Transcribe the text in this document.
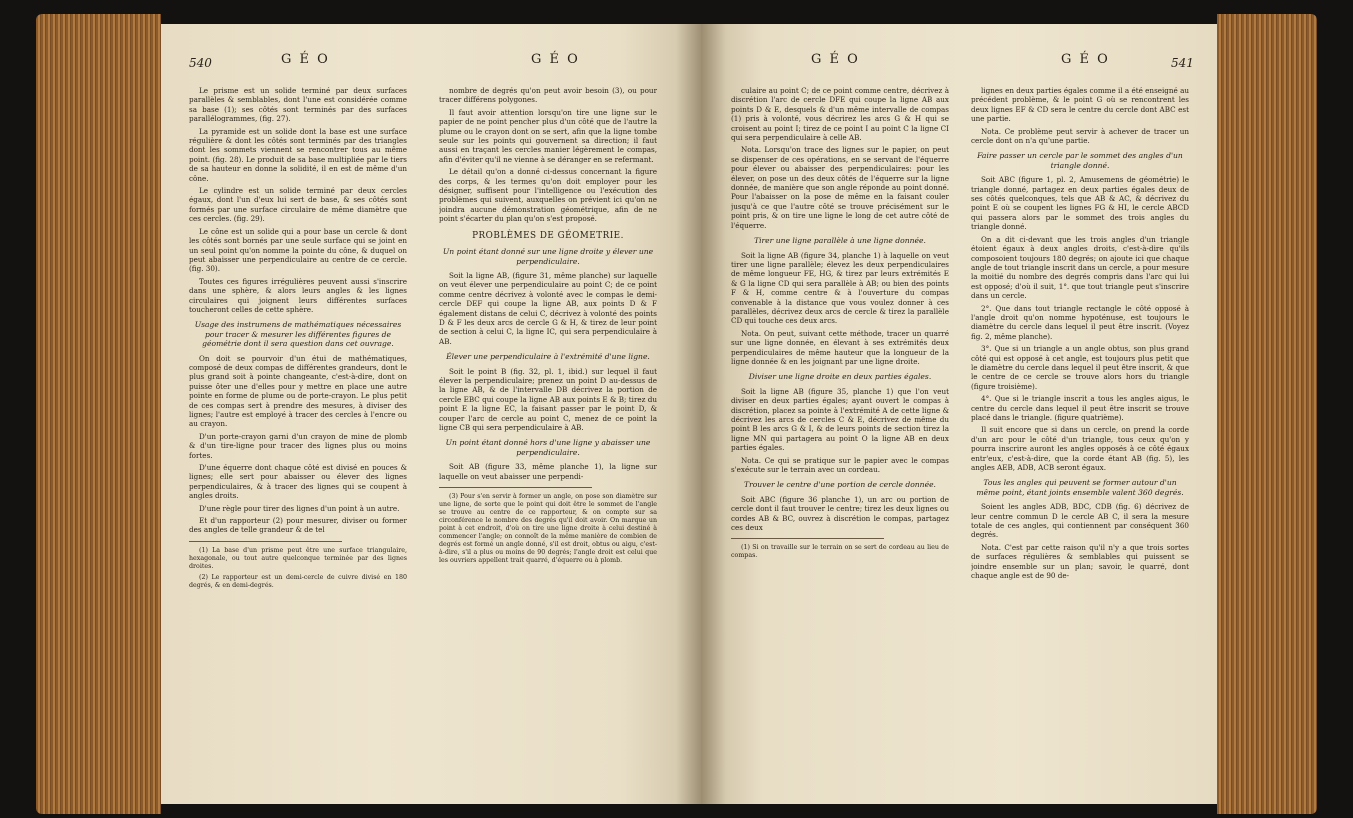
540	G É O	G É O

Le prisme est un solide terminé par deux surfaces parallèles & semblables, dont l'une est considérée comme sa base (1); ses côtés sont terminés par des surfaces parallélogrammes, (fig. 27).

La pyramide est un solide dont la base est une surface régulière & dont les côtés sont terminés par des triangles dont les sommets viennent se rencontrer tous au même point. (fig. 28). Le produit de sa base multipliée par le tiers de sa hauteur en donne la solidité, il en est de même d'un cône.

Le cylindre est un solide terminé par deux cercles égaux, dont l'un d'eux lui sert de base, & ses côtés sont formés par une surface circulaire de même diamètre que ces cercles. (fig. 29).

Le cône est un solide qui a pour base un cercle & dont les côtés sont bornés par une seule surface qui se joint en un seul point qu'on nomme la pointe du cône, & duquel on peut abaisser une perpendiculaire au centre de ce cercle. (fig. 30).

Toutes ces figures irrégulières peuvent aussi s'inscrire dans une sphère, & alors leurs angles & les lignes circulaires qui joignent leurs différentes surfaces toucheront celles de cette sphère.

Usage des instrumens de mathématiques nécessaires pour tracer & mesurer les différentes figures de géométrie dont il sera question dans cet ouvrage.

On doit se pourvoir d'un étui de mathématiques, composé de deux compas de différentes grandeurs, dont le plus grand soit à pointe changeante, c'est-à-dire, dont on puisse ôter une d'elles pour y mettre en place une autre pointe en forme de plume ou de porte-crayon. Le plus petit de ces compas sert à prendre des mesures, à diviser des lignes; l'autre est employé à tracer des cercles à l'encre ou au crayon.

D'un porte-crayon garni d'un crayon de mine de plomb & d'un tire-ligne pour tracer des lignes plus ou moins fortes.

D'une équerre dont chaque côté est divisé en pouces & lignes; elle sert pour abaisser ou élever des lignes perpendiculaires, & à tracer des lignes qui se coupent à angles droits.

D'une règle pour tirer des lignes d'un point à un autre.

Et d'un rapporteur (2) pour mesurer, diviser ou former des angles de telle grandeur & de tel

(1) La base d'un prisme peut être une surface triangulaire, hexagonale, ou tout autre quelconque terminée par des lignes droites.

(2) Le rapporteur est un demi-cercle de cuivre divisé en 180 degrés, & en demi-degrés.

nombre de degrés qu'on peut avoir besoin (3), ou pour tracer différens polygones.

Il faut avoir attention lorsqu'on tire une ligne sur le papier de ne point pencher plus d'un côté que de l'autre la plume ou le crayon dont on se sert, afin que la ligne tombe seule sur les points qui gouvernent sa direction; il faut aussi en traçant les cercles manier légèrement le compas, afin d'éviter qu'il ne vienne à se déranger en se refermant.

Le détail qu'on a donné ci-dessus concernant la figure des corps, & les termes qu'on doit employer pour les désigner, suffisent pour l'intelligence ou l'exécution des problèmes qui suivent, auxquelles on prévient ici qu'on ne joindra aucune démonstration géométrique, afin de ne point s'écarter du plan qu'on s'est proposé.

PROBLÈMES DE GÉOMETRIE.

Un point étant donné sur une ligne droite y élever une perpendiculaire.

Soit la ligne AB, (figure 31, même planche) sur laquelle on veut élever une perpendiculaire au point C; de ce point comme centre décrivez à volonté avec le compas le demi-cercle DEF qui coupe la ligne AB, aux points D & F également distans de celui C, décrivez à volonté des points D & F les deux arcs de cercle G & H, & tirez de leur point de section à celui C, la ligne IC, qui sera perpendiculaire à AB.

Élever une perpendiculaire à l'extrémité d'une ligne.

Soit le point B (fig. 32, pl. 1, ibid.) sur lequel il faut élever la perpendiculaire; prenez un point D au-dessus de la ligne AB, & de l'intervalle DB décrivez la portion de cercle EBC qui coupe la ligne AB aux points E & B; tirez du point E la ligne EC, la faisant passer par le point D, & couper l'arc de cercle au point C, menez de ce point la ligne CB qui sera perpendiculaire à AB.

Un point étant donné hors d'une ligne y abaisser une perpendiculaire.

Soit AB (figure 33, même planche 1), la ligne sur laquelle on veut abaisser une perpendi-

(3) Pour s'en servir à former un angle, on pose son diamètre sur une ligne, de sorte que le point qui doit être le sommet de l'angle se trouve au centre de ce rapporteur, & on compte sur sa circonférence le nombre des degrés qu'il doit avoir. On marque un point à cet endroit, d'où on tire une ligne droite à celui destiné à commencer l'angle; on connoît de la même manière de combien de degrés est formé un angle donné, s'il est droit, obtus ou aigu, c'est-à-dire, s'il a plus ou moins de 90 degrés; l'angle droit est celui que les ouvriers appellent trait quarré, d'équerre ou à plomb.

G É O	G É O	541

culaire au point C; de ce point comme centre, décrivez à discrétion l'arc de cercle DFE qui coupe la ligne AB aux points D & E, desquels & d'un même intervalle de compas (1) pris à volonté, vous décrirez les arcs G & H qui se croisent au point I; tirez de ce point I au point C la ligne CI qui sera perpendiculaire à celle AB.

Nota. Lorsqu'on trace des lignes sur le papier, on peut se dispenser de ces opérations, en se servant de l'équerre pour élever ou abaisser des perpendiculaires: pour les élever, on pose un des deux côtés de l'équerre sur la ligne donnée, de manière que son angle réponde au point donné. Pour l'abaisser on la pose de même en la faisant couler jusqu'à ce que l'autre côté se trouve précisément sur le point pris, & on tire une ligne le long de cet autre côté de l'équerre.

Tirer une ligne parallèle à une ligne donnée.

Soit la ligne AB (figure 34, planche 1) à laquelle on veut tirer une ligne parallèle; élevez les deux perpendiculaires de même longueur FE, HG, & tirez par leurs extrémités E & G la ligne CD qui sera parallèle à AB; ou bien des points F & H, comme centre & à l'ouverture du compas convenable à la distance que vous voulez donner à ces parallèles, décrivez deux arcs de cercle & tirez la parallèle CD qui touche ces deux arcs.

Nota. On peut, suivant cette méthode, tracer un quarré sur une ligne donnée, en élevant à ses extrémités deux perpendiculaires de même hauteur que la longueur de la ligne donnée & en les joignant par une ligne droite.

Diviser une ligne droite en deux parties égales.

Soit la ligne AB (figure 35, planche 1) que l'on veut diviser en deux parties égales; ayant ouvert le compas à discrétion, placez sa pointe à l'extrémité A de cette ligne & décrivez les arcs de cercles C & E, décrivez de même du point B les arcs G & I, & de leurs points de section tirez la ligne MN qui partagera au point O la ligne AB en deux parties égales.

Nota. Ce qui se pratique sur le papier avec le compas s'exécute sur le terrain avec un cordeau.

Trouver le centre d'une portion de cercle donnée.

Soit ABC (figure 36 planche 1), un arc ou portion de cercle dont il faut trouver le centre; tirez les deux lignes ou cordes AB & BC, ouvrez à discrétion le compas, partagez ces deux

(1) Si on travaille sur le terrain on se sert de cordeau au lieu de compas.

lignes en deux parties égales comme il a été enseigné au précédent problème, & le point G où se rencontrent les deux lignes EF & CD sera le centre du cercle dont ABC est une partie.

Nota. Ce problème peut servir à achever de tracer un cercle dont on n'a qu'une partie.

Faire passer un cercle par le sommet des angles d'un triangle donné.

Soit ABC (figure 1, pl. 2, Amusemens de géométrie) le triangle donné, partagez en deux parties égales deux de ses côtés quelconques, tels que AB & AC, & décrivez du point E où se coupent les lignes FG & HI, le cercle ABCD qui passera alors par le sommet des trois angles du triangle donné.

On a dit ci-devant que les trois angles d'un triangle étoient égaux à deux angles droits, c'est-à-dire qu'ils composoient toujours 180 degrés; on ajoute ici que chaque angle de tout triangle inscrit dans un cercle, a pour mesure la moitié du nombre des degrés compris dans l'arc qui lui est opposé; d'où il suit, 1°. que tout triangle peut s'inscrire dans un cercle.

2°. Que dans tout triangle rectangle le côté opposé à l'angle droit qu'on nomme hypoténuse, est toujours le diamètre du cercle dans lequel il peut être inscrit. (Voyez fig. 2, même planche).

3°. Que si un triangle a un angle obtus, son plus grand côté qui est opposé à cet angle, est toujours plus petit que le diamètre du cercle dans lequel il peut être inscrit, & que le centre de ce cercle se trouve alors hors du triangle (figure troisième).

4°. Que si le triangle inscrit a tous les angles aigus, le centre du cercle dans lequel il peut être inscrit se trouve placé dans le triangle. (figure quatrième).

Il suit encore que si dans un cercle, on prend la corde d'un arc pour le côté d'un triangle, tous ceux qu'on y pourra inscrire auront les angles opposés à ce côté égaux entr'eux, c'est-à-dire, que la corde étant AB (fig. 5), les angles AEB, ADB, ACB seront égaux.

Tous les angles qui peuvent se former autour d'un même point, étant joints ensemble valent 360 degrés.

Soient les angles ADB, BDC, CDB (fig. 6) décrivez de leur centre commun D le cercle AB C, il sera la mesure totale de ces angles, qui contiennent par conséquent 360 degrés.

Nota. C'est par cette raison qu'il n'y a que trois sortes de surfaces régulières & semblables qui puissent se joindre ensemble sur un plan; savoir, le quarré, dont chaque angle est de 90 de-
